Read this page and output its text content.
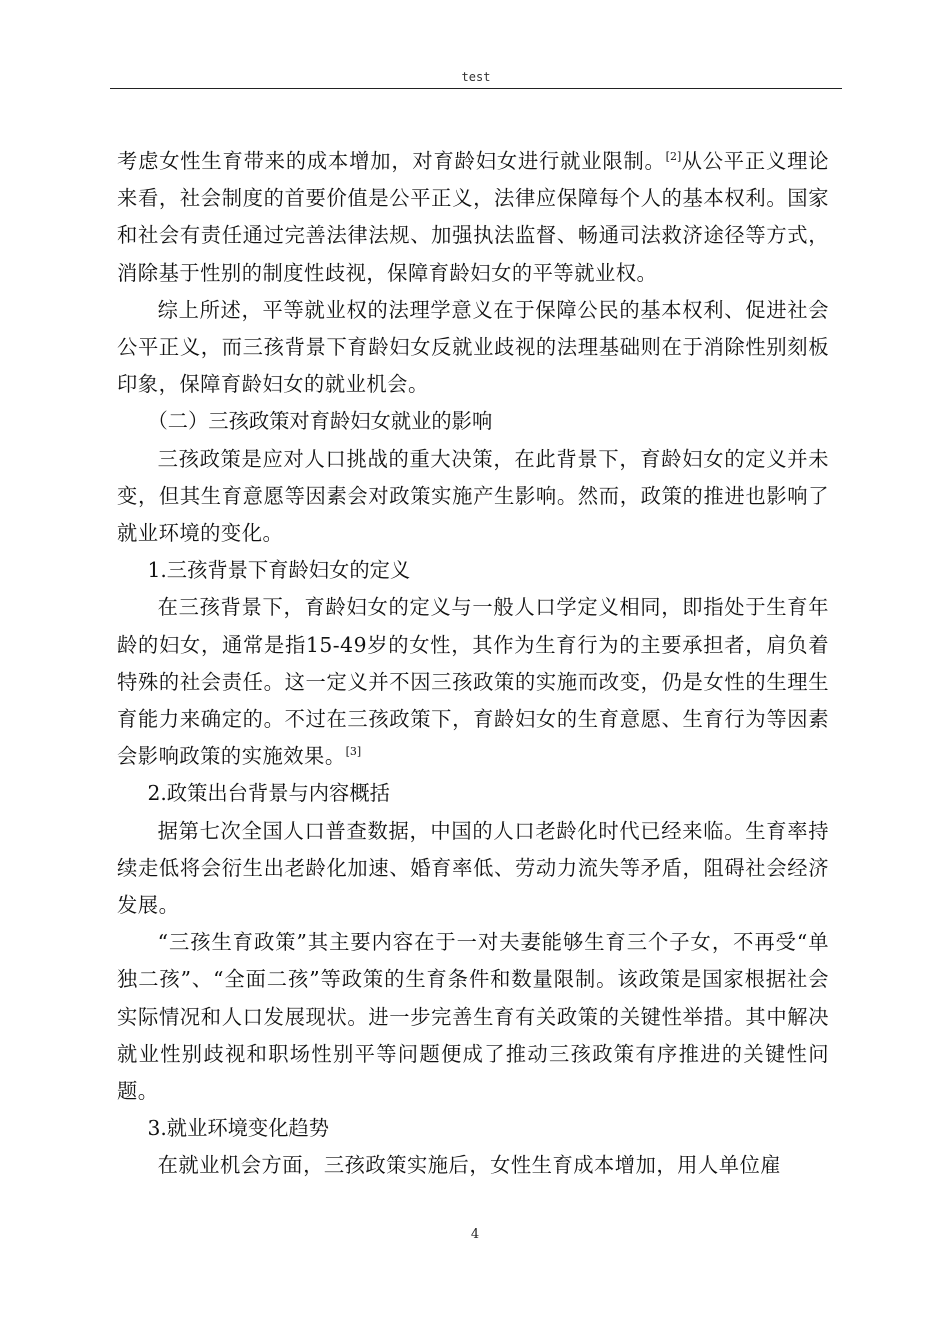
test

考虑女性生育带来的成本增加，对育龄妇女进行就业限制。[2]从公平正义理论来看，社会制度的首要价值是公平正义，法律应保障每个人的基本权利。国家和社会有责任通过完善法律法规、加强执法监督、畅通司法救济途径等方式，消除基于性别的制度性歧视，保障育龄妇女的平等就业权。

综上所述，平等就业权的法理学意义在于保障公民的基本权利、促进社会公平正义，而三孩背景下育龄妇女反就业歧视的法理基础则在于消除性别刻板印象，保障育龄妇女的就业机会。

（二）三孩政策对育龄妇女就业的影响

三孩政策是应对人口挑战的重大决策，在此背景下，育龄妇女的定义并未变，但其生育意愿等因素会对政策实施产生影响。然而，政策的推进也影响了就业环境的变化。

1.三孩背景下育龄妇女的定义

在三孩背景下，育龄妇女的定义与一般人口学定义相同，即指处于生育年龄的妇女，通常是指15-49岁的女性，其作为生育行为的主要承担者，肩负着特殊的社会责任。这一定义并不因三孩政策的实施而改变，仍是女性的生理生育能力来确定的。不过在三孩政策下，育龄妇女的生育意愿、生育行为等因素会影响政策的实施效果。[3]

2.政策出台背景与内容概括

据第七次全国人口普查数据，中国的人口老龄化时代已经来临。生育率持续走低将会衍生出老龄化加速、婚育率低、劳动力流失等矛盾，阻碍社会经济发展。

“三孩生育政策”其主要内容在于一对夫妻能够生育三个子女，不再受“单独二孩”、“全面二孩”等政策的生育条件和数量限制。该政策是国家根据社会实际情况和人口发展现状。进一步完善生育有关政策的关键性举措。其中解决就业性别歧视和职场性别平等问题便成了推动三孩政策有序推进的关键性问题。

3.就业环境变化趋势

在就业机会方面，三孩政策实施后，女性生育成本增加，用人单位雇

4
